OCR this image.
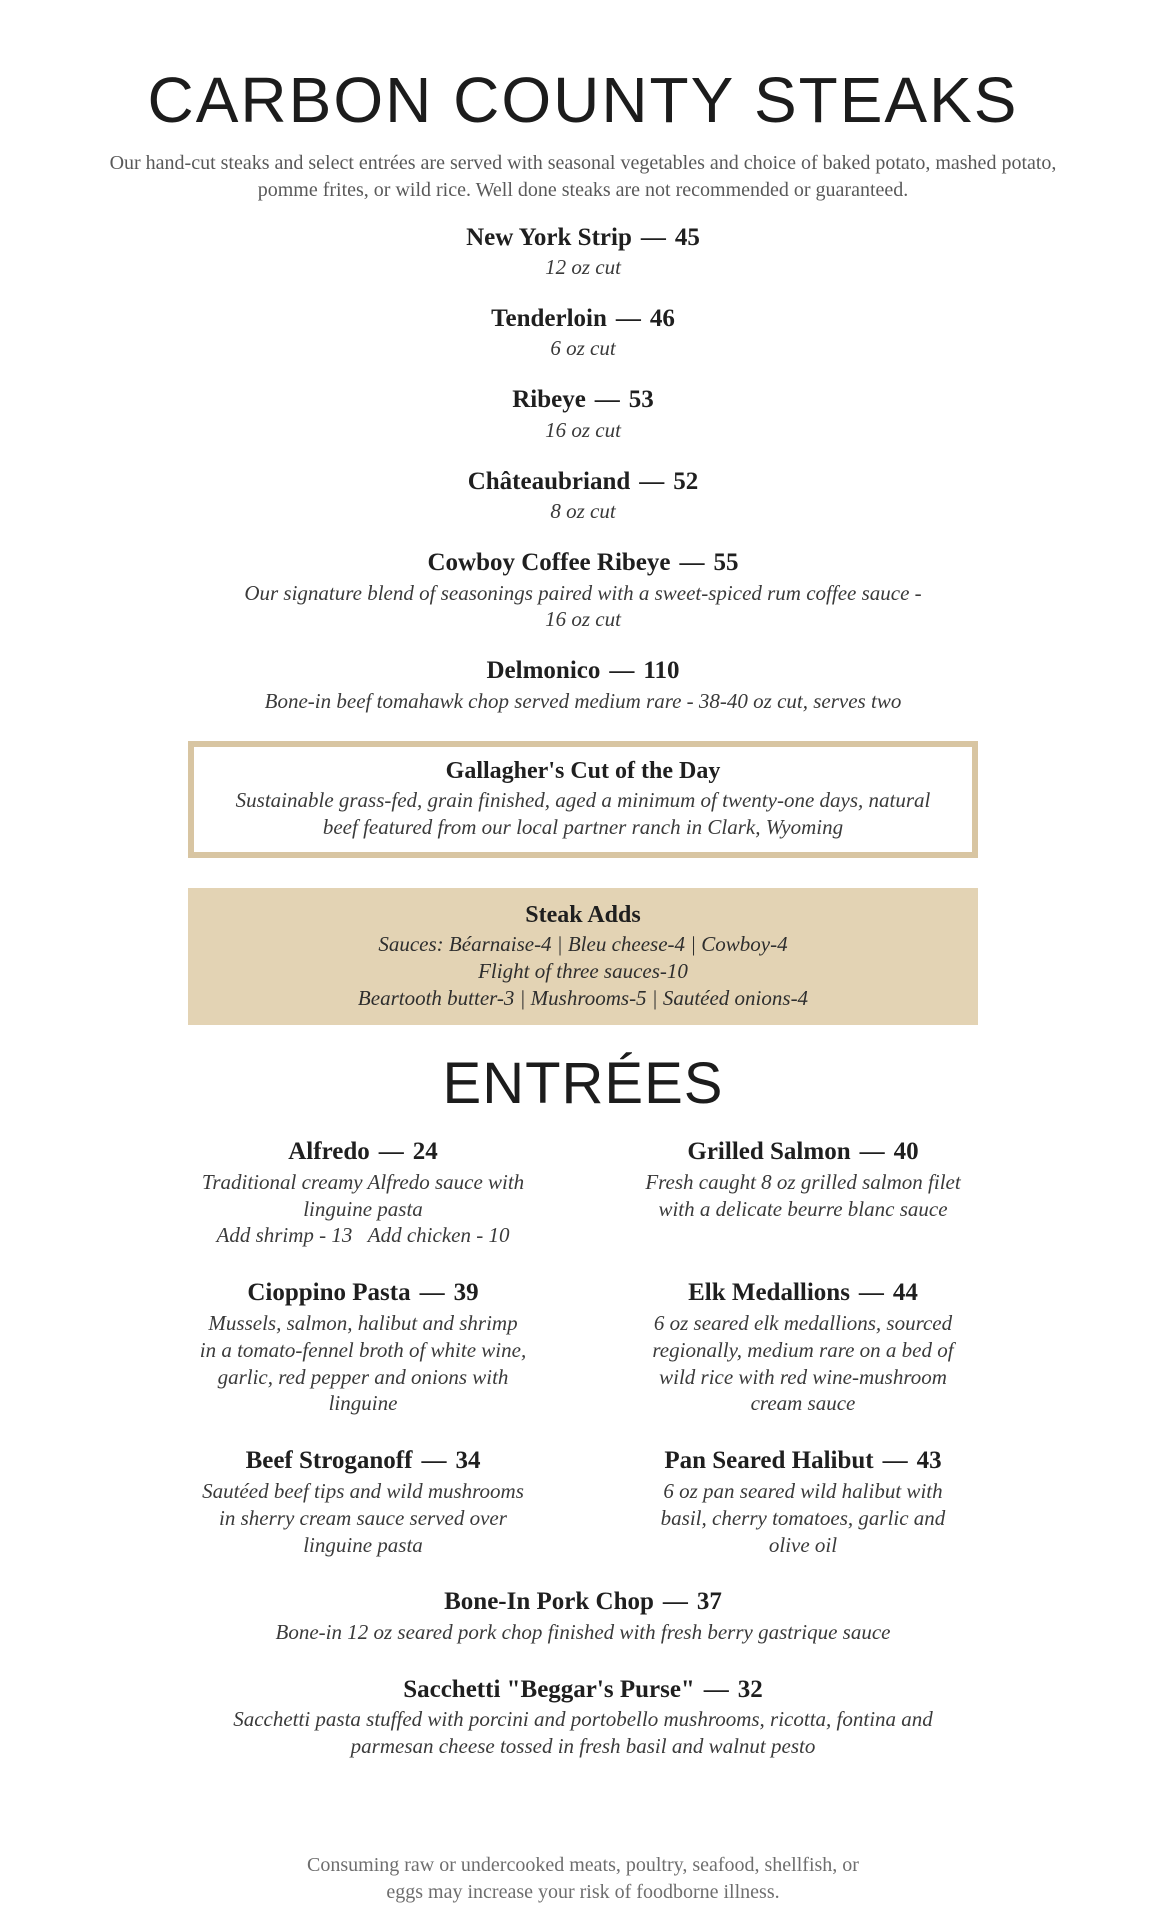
CARBON COUNTY STEAKS
Our hand-cut steaks and select entrées are served with seasonal vegetables and choice of baked potato, mashed potato, pomme frites, or wild rice. Well done steaks are not recommended or guaranteed.
New York Strip — 45
12 oz cut
Tenderloin — 46
6 oz cut
Ribeye — 53
16 oz cut
Châteaubriand — 52
8 oz cut
Cowboy Coffee Ribeye — 55
Our signature blend of seasonings paired with a sweet-spiced rum coffee sauce - 16 oz cut
Delmonico — 110
Bone-in beef tomahawk chop served medium rare - 38-40 oz cut, serves two
Gallagher's Cut of the Day
Sustainable grass-fed, grain finished, aged a minimum of twenty-one days, natural beef featured from our local partner ranch in Clark, Wyoming
Steak Adds
Sauces: Béarnaise-4 | Bleu cheese-4 | Cowboy-4
Flight of three sauces-10
Beartooth butter-3 | Mushrooms-5 | Sautéed onions-4
ENTRÉES
Alfredo — 24
Traditional creamy Alfredo sauce with linguine pasta
Add shrimp - 13   Add chicken - 10
Grilled Salmon — 40
Fresh caught 8 oz grilled salmon filet with a delicate beurre blanc sauce
Cioppino Pasta — 39
Mussels, salmon, halibut and shrimp in a tomato-fennel broth of white wine, garlic, red pepper and onions with linguine
Elk Medallions — 44
6 oz seared elk medallions, sourced regionally, medium rare on a bed of wild rice with red wine-mushroom cream sauce
Beef Stroganoff — 34
Sautéed beef tips and wild mushrooms in sherry cream sauce served over linguine pasta
Pan Seared Halibut — 43
6 oz pan seared wild halibut with basil, cherry tomatoes, garlic and olive oil
Bone-In Pork Chop — 37
Bone-in 12 oz seared pork chop finished with fresh berry gastrique sauce
Sacchetti "Beggar's Purse" — 32
Sacchetti pasta stuffed with porcini and portobello mushrooms, ricotta, fontina and parmesan cheese tossed in fresh basil and walnut pesto
Consuming raw or undercooked meats, poultry, seafood, shellfish, or eggs may increase your risk of foodborne illness.
